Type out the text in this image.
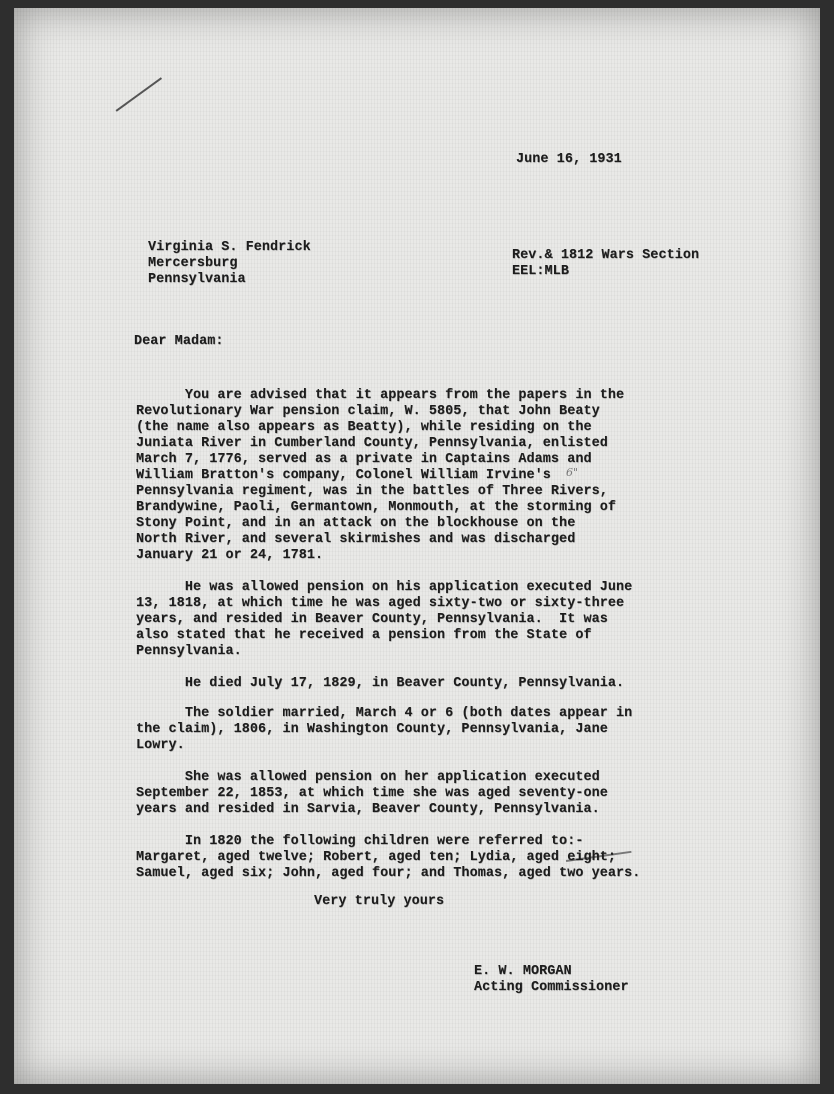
June 16, 1931
Virginia S. Fendrick
Mercersburg
Pennsylvania
Rev.& 1812 Wars Section
EEL:MLB
Dear Madam:
You are advised that it appears from the papers in the
Revolutionary War pension claim, W. 5805, that John Beaty
(the name also appears as Beatty), while residing on the
Juniata River in Cumberland County, Pennsylvania, enlisted
March 7, 1776, served as a private in Captains Adams and
William Bratton's company, Colonel William Irvine's
Pennsylvania regiment, was in the battles of Three Rivers,
Brandywine, Paoli, Germantown, Monmouth, at the storming of
Stony Point, and in an attack on the blockhouse on the
North River, and several skirmishes and was discharged
January 21 or 24, 1781.
6"
He was allowed pension on his application executed June
13, 1818, at which time he was aged sixty-two or sixty-three
years, and resided in Beaver County, Pennsylvania.  It was
also stated that he received a pension from the State of
Pennsylvania.
He died July 17, 1829, in Beaver County, Pennsylvania.
The soldier married, March 4 or 6 (both dates appear in
the claim), 1806, in Washington County, Pennsylvania, Jane
Lowry.
She was allowed pension on her application executed
September 22, 1853, at which time she was aged seventy-one
years and resided in Sarvia, Beaver County, Pennsylvania.
In 1820 the following children were referred to:-
Margaret, aged twelve; Robert, aged ten; Lydia, aged eight;
Samuel, aged six; John, aged four; and Thomas, aged two years.
Very truly yours
E. W. MORGAN
Acting Commissioner
